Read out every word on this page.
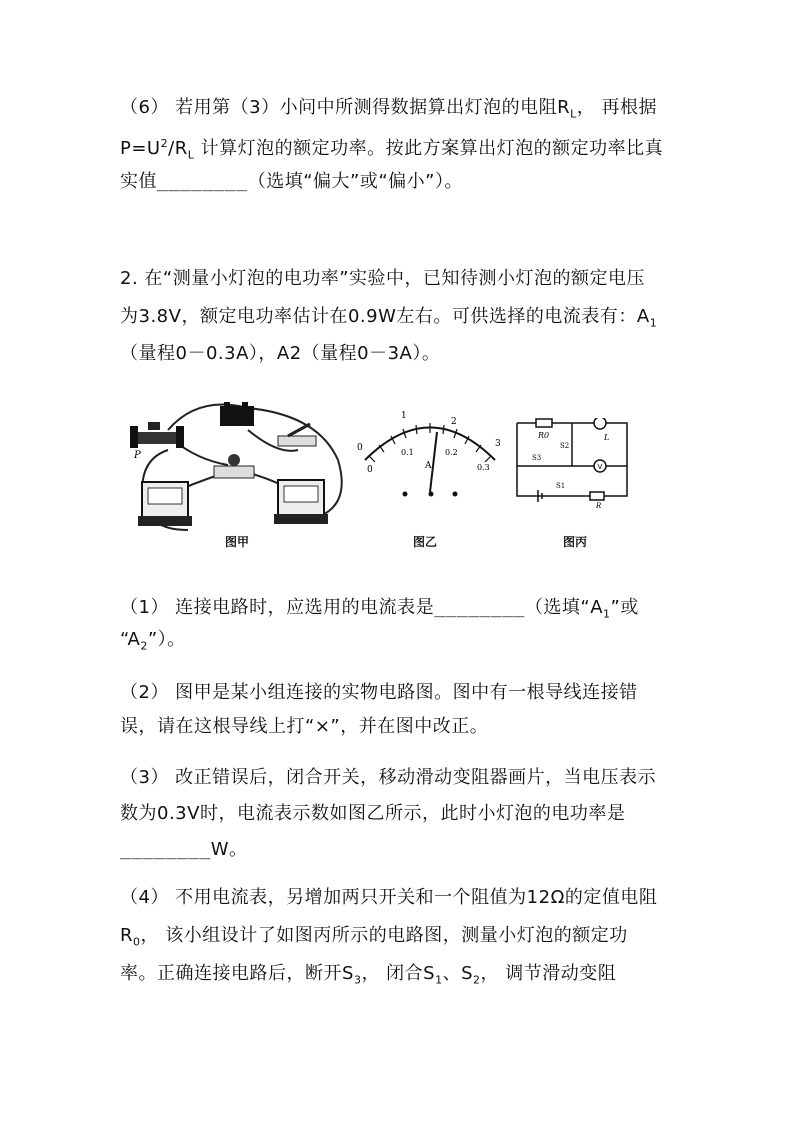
（6） 若用第（3）小问中所测得数据算出灯泡的电阻$R_L$， 再根据
$P=U^2/R_L$ 计算灯泡的额定功率。按此方案算出灯泡的额定功率比真
实值________（选填“偏大”或“偏小”）。
2. 在“测量小灯泡的电功率”实验中，已知待测小灯泡的额定电压
为3.8V，额定电功率估计在0.9W左右。可供选择的电流表有：$A_1$
（量程0－0.3A），A2（量程0－3A）。
P
图甲
0
0
1
2
3
0.1	0.2
0.3
A
图乙
R0	L
V
S2
S3
S1
R
图丙
（1） 连接电路时，应选用的电流表是________（选填“$A_1$”或
“$A_2$”）。
（2） 图甲是某小组连接的实物电路图。图中有一根导线连接错
误，请在这根导线上打“×”，并在图中改正。
（3） 改正错误后，闭合开关，移动滑动变阻器画片，当电压表示
数为0.3V时，电流表示数如图乙所示，此时小灯泡的电功率是
________W。
（4） 不用电流表，另增加两只开关和一个阻值为12Ω的定值电阻
$R_0$， 该小组设计了如图丙所示的电路图，测量小灯泡的额定功
率。正确连接电路后，断开$S_3$， 闭合$S_1$、$S_2$， 调节滑动变阻
